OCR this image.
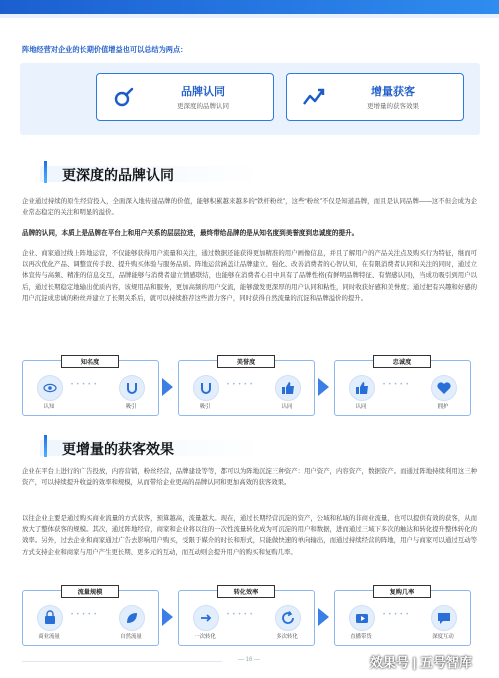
阵地经营对企业的长期价值增益也可以总结为两点：
品牌认同
更深度的品牌认同
增量获客
更增量的获客效果
更深度的品牌认同
企业通过持续的原生经营投入，全面深入地传递品牌的价值，能够积累越来越多的“铁杆粉丝”，这些“粉丝”不仅是知道品牌，而且是认同品牌——这不但会成为企业常态稳定的关注和明显的溢价。
品牌的认同，本质上是品牌在平台上和用户关系的层层拉进，最终带给品牌的是从知名度到美誉度到忠诚度的提升。
企业、商家通过线上阵地运营，不仅能够获得用户流量和关注，通过数据还能获得更加精准的用户画像信息，并且了解用户的产品关注点及购买行为特征，继而可以再次优化产品、调整宣传手段、提升购买体验与服务品质。阵地运营涵盖让品牌建立、强化、改善消费者的心智认知，在有限消费者认同和关注的同时，通过立体宣传与高频、精准的信息交互，品牌能够与消费者建立情感联结，也能够在消费者心目中具有了品牌性格(有鲜明品牌特征、有情感认同)，当成功吸引到用户以后，通过长期稳定地输出优质内容，该规用品和服务，更加高频的用户交流，能够激发更深厚的用户认同和粘性，同时收获好感和美誉度；通过把有兴趣和好感的用户沉淀成忠诚的粉丝并建立了长期关系后，就可以持续推荐这些潜力客户，同时获得自然流量的沉淀和品牌溢价的提升。
知名度
• • • • •
认知	吸引
美誉度
• • • • •
吸引	认同
忠诚度
• • • • •
认同	拥护
更增量的获客效果
企业在平台上进行的广告投放，内容营销，粉丝经营，品牌建设等等，都可以为阵地沉淀三种资产：用户资产，内容资产，数据资产。而通过阵地持续利用这三种资产，可以持续提升收益的效率和规模，从而带给企业更高的品牌认同和更加高效的获客效果。
以往企业主要是通过购买商业流量的方式获客，预算越高，流量越大。现在，通过长期经营沉淀的资产，公域和私域的非商业流量，也可以提供有效的获客，从而放大了整体获客的规模。其次，通过阵地经营，商家和企业将以往的一次性流量转化成为可沉淀的用户和数据，进而通过三域下多次的触达和转化提升整体转化的效率。另外，过去企业和商家通过广告去影响用户购买，受限于媒介的时长和形式，只能做快速的单向输出，而通过持续经营的阵地，用户与商家可以通过互动等方式支持企业和商家与用户产生更长期、更多元的互动，而互动则会提升用户的购买和复购几率。
流量规模
• • • • •
商业流量	自然流量
转化效率
• • • • •
一次转化	多次转化
复购几率
• • • • •
直播带货	深度互动
— 16 —	效果号 | 五号智库
